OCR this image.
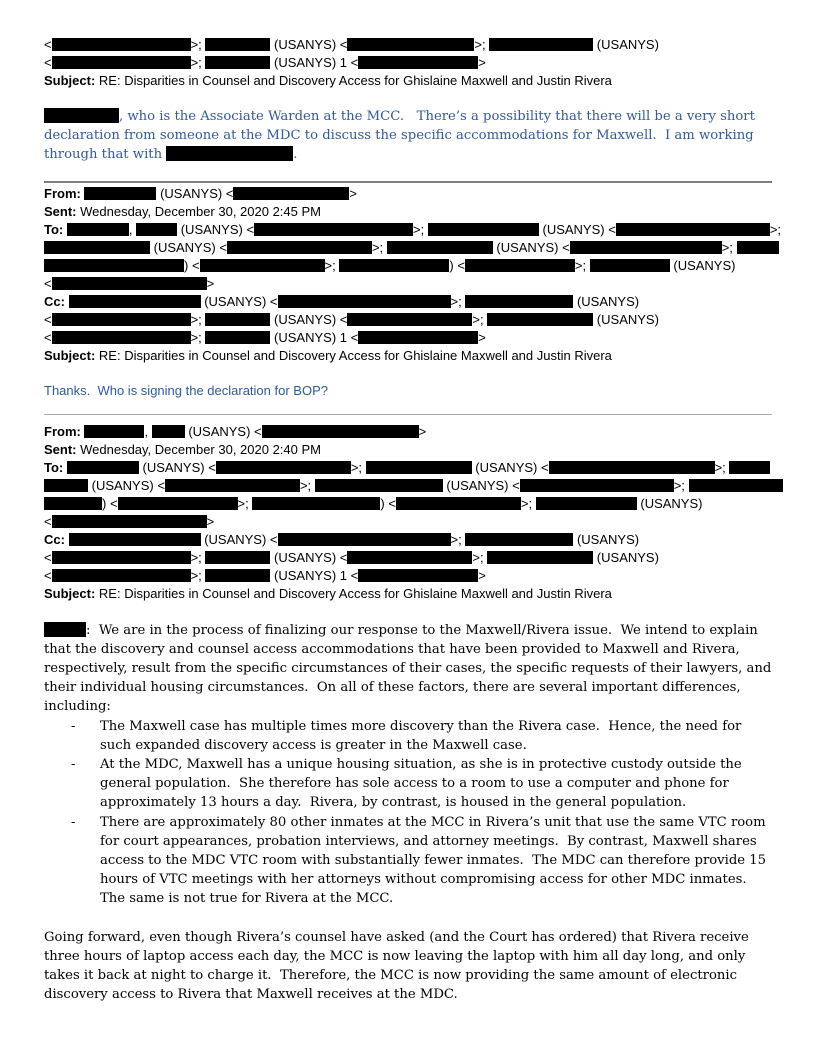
<	>;	(USANYS) <	>;	(USANYS)
<	>;	(USANYS) 1 <	>
Subject: RE: Disparities in Counsel and Discovery Access for Ghislaine Maxwell and Justin Rivera
, who is the Associate Warden at the MCC.   There’s a possibility that there will be a very short declaration from someone at the MDC to discuss the specific accommodations for Maxwell.  I am working through that with	.
From:	(USANYS) <	>
Sent: Wednesday, December 30, 2020 2:45 PM
To:	,	(USANYS) <	>;	(USANYS) <	>;
(USANYS) <	>;	(USANYS) <	>;
) <	>;	) <	>;	(USANYS)
<	>
Cc:	(USANYS) <	>;	(USANYS)
<	>;	(USANYS) <	>;	(USANYS)
<	>;	(USANYS) 1 <	>
Subject: RE: Disparities in Counsel and Discovery Access for Ghislaine Maxwell and Justin Rivera
Thanks.  Who is signing the declaration for BOP?
From:	,	(USANYS) <	>
Sent: Wednesday, December 30, 2020 2:40 PM
To:	(USANYS) <	>;	(USANYS) <	>;
(USANYS) <	>;	(USANYS) <	>;
) <	>;	) <	>;	(USANYS)
<	>
Cc:	(USANYS) <	>;	(USANYS)
<	>;	(USANYS) <	>;	(USANYS)
<	>;	(USANYS) 1 <	>
Subject: RE: Disparities in Counsel and Discovery Access for Ghislaine Maxwell and Justin Rivera
:  We are in the process of finalizing our response to the Maxwell/Rivera issue.  We intend to explain that the discovery and counsel access accommodations that have been provided to Maxwell and Rivera, respectively, result from the specific circumstances of their cases, the specific requests of their lawyers, and their individual housing circumstances.  On all of these factors, there are several important differences, including:
-	The Maxwell case has multiple times more discovery than the Rivera case.  Hence, the need for such expanded discovery access is greater in the Maxwell case.
-	At the MDC, Maxwell has a unique housing situation, as she is in protective custody outside the general population.  She therefore has sole access to a room to use a computer and phone for approximately 13 hours a day.  Rivera, by contrast, is housed in the general population.
-	There are approximately 80 other inmates at the MCC in Rivera’s unit that use the same VTC room for court appearances, probation interviews, and attorney meetings.  By contrast, Maxwell shares access to the MDC VTC room with substantially fewer inmates.  The MDC can therefore provide 15 hours of VTC meetings with her attorneys without compromising access for other MDC inmates.  The same is not true for Rivera at the MCC.
Going forward, even though Rivera’s counsel have asked (and the Court has ordered) that Rivera receive three hours of laptop access each day, the MCC is now leaving the laptop with him all day long, and only takes it back at night to charge it.  Therefore, the MCC is now providing the same amount of electronic discovery access to Rivera that Maxwell receives at the MDC.
